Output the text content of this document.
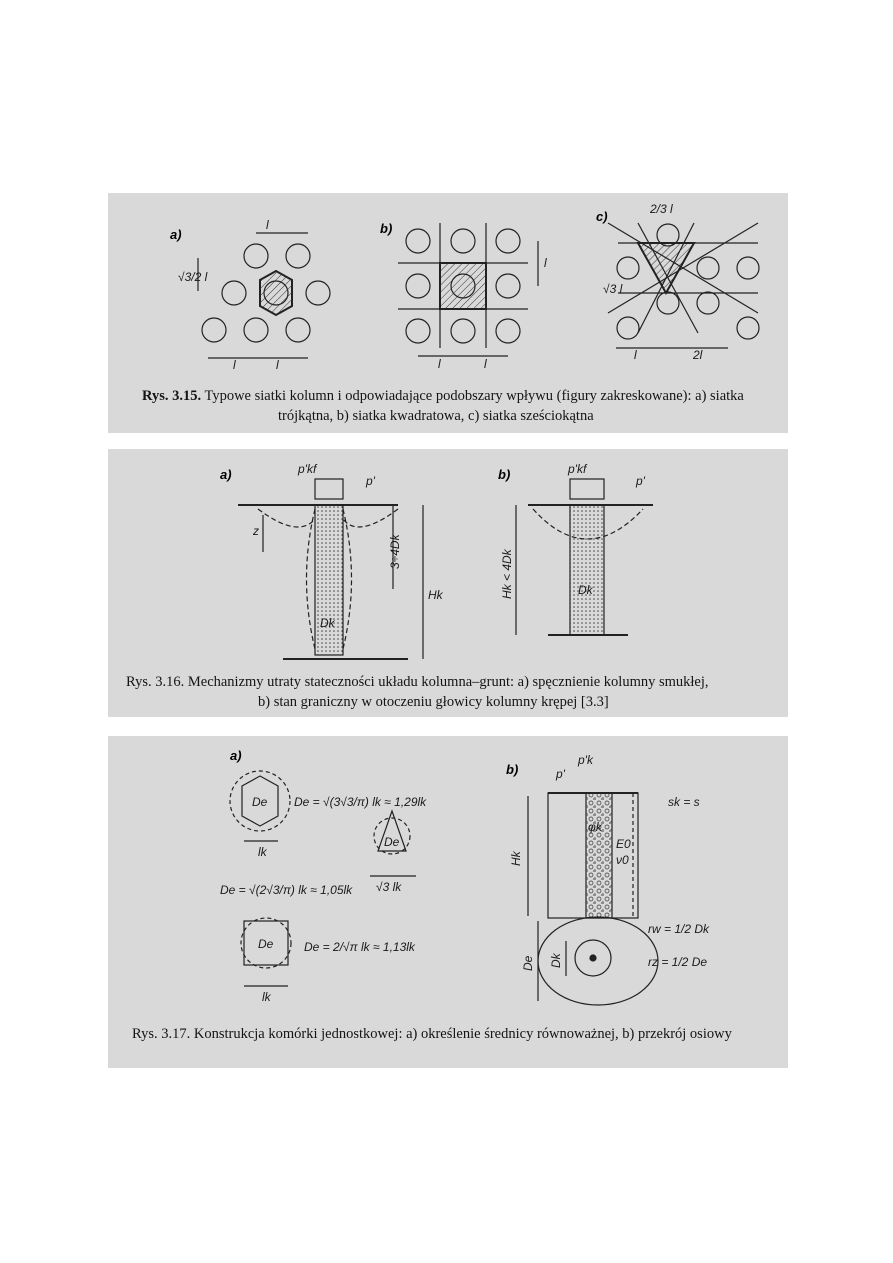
a)
l
√3/2 l
l	l
b)
l
l	l
c)	2/3 l
√3 l
l	2l
Rys. 3.15. Typowe siatki kolumn i odpowiadające podobszary wpływu (figury zakreskowane): a) siatka
trójkątna, b) siatka kwadratowa, c) siatka sześciokątna
a)	p'kf
p'
z
3÷4Dk
Hk
Dk
b)	p'kf
p'
Hk < 4Dk	Dk
Rys. 3.16. Mechanizmy utraty stateczności układu kolumna–grunt: a) spęcznienie kolumny smukłej,
b) stan graniczny w otoczeniu głowicy kolumny krępej [3.3]
a)
De
lk
De = √(3√3/π) lk ≈ 1,29lk
De
√3 lk
De = √(2√3/π) lk ≈ 1,05lk
De
lk
De = 2/√π lk ≈ 1,13lk
b)	p'
p'k
Hk
φk
E0
ν0
sk = s
De Dk
rw = 1/2 Dk
rz = 1/2 De
Rys. 3.17. Konstrukcja komórki jednostkowej: a) określenie średnicy równoważnej, b) przekrój osiowy
